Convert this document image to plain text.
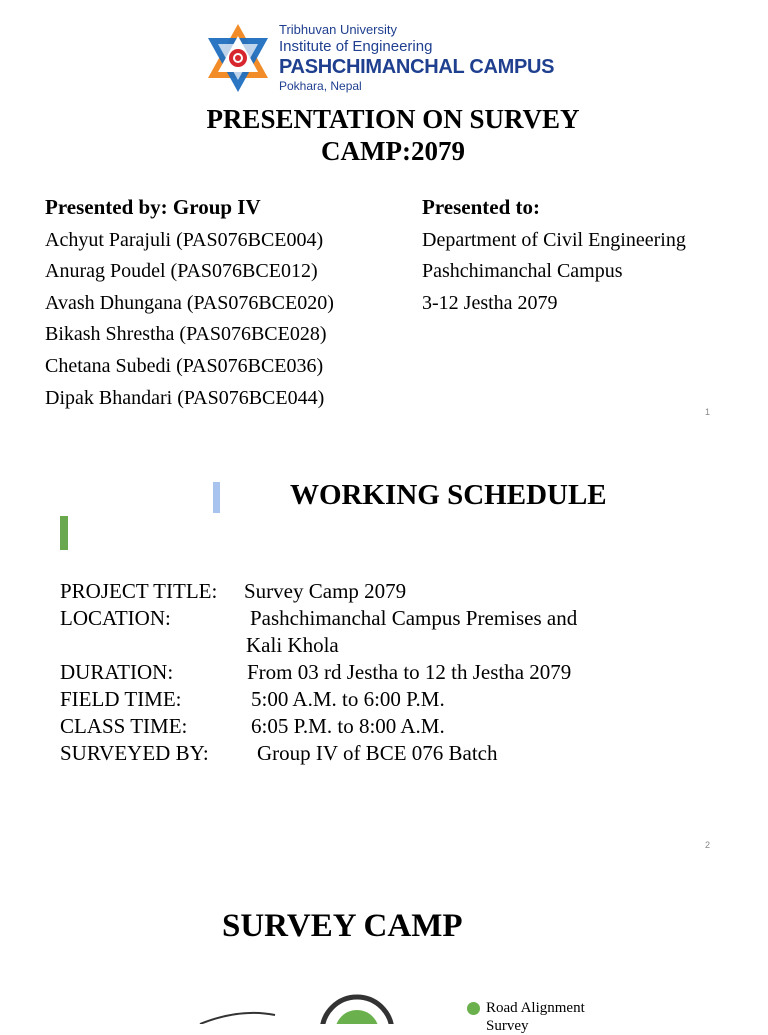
Tribhuvan University
Institute of Engineering
PASHCHIMANCHAL CAMPUS
Pokhara, Nepal
PRESENTATION ON SURVEY
CAMP:2079
Presented by: Group IV
Achyut Parajuli (PAS076BCE004)
Anurag Poudel (PAS076BCE012)
Avash Dhungana (PAS076BCE020)
Bikash Shrestha (PAS076BCE028)
Chetana Subedi (PAS076BCE036)
Dipak Bhandari (PAS076BCE044)
Presented to:
Department of Civil Engineering
Pashchimanchal Campus
3-12 Jestha 2079
1
WORKING SCHEDULE
PROJECT TITLE: Survey Camp 2079
LOCATION:	Pashchimanchal Campus Premises and
Kali Khola
DURATION:	From 03 rd Jestha to 12 th Jestha 2079
FIELD TIME:	5:00 A.M. to 6:00 P.M.
CLASS TIME:	6:05 P.M. to 8:00 A.M.
SURVEYED BY: Group IV of BCE 076 Batch
2
SURVEY CAMP
Road Alignment
Survey
